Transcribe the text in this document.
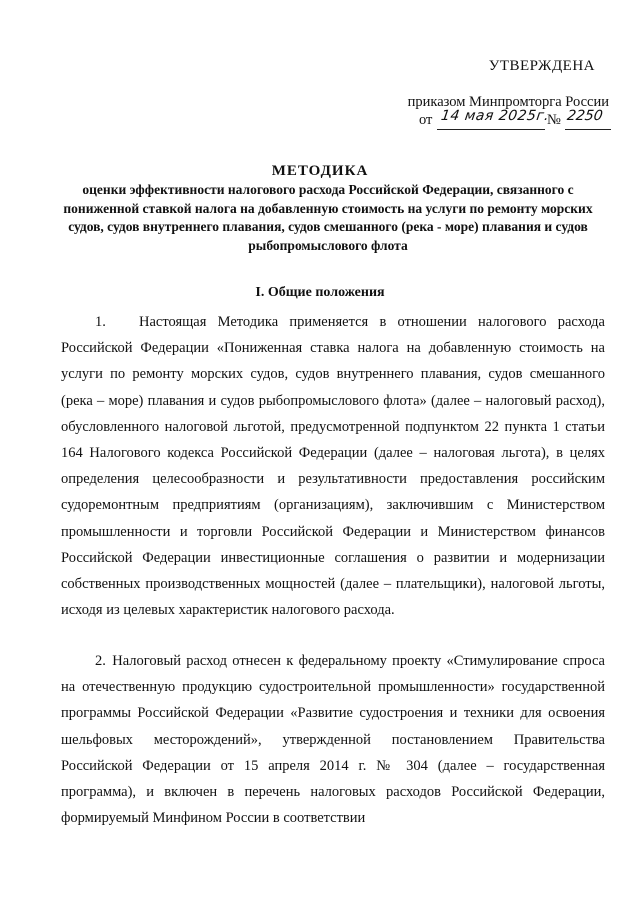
УТВЕРЖДЕНА
приказом Минпромторга России
от 14 мая 2025г.
№ 2250
МЕТОДИКА
оценки эффективности налогового расхода Российской Федерации, связанного с пониженной ставкой налога на добавленную стоимость на услуги по ремонту морских судов, судов внутреннего плавания, судов смешанного (река - море) плавания и судов рыбопромыслового флота
I. Общие положения
1. Настоящая Методика применяется в отношении налогового расхода Российской Федерации «Пониженная ставка налога на добавленную стоимость на услуги по ремонту морских судов, судов внутреннего плавания, судов смешанного (река – море) плавания и судов рыбопромыслового флота» (далее – налоговый расход), обусловленного налоговой льготой, предусмотренной подпунктом 22 пункта 1 статьи 164 Налогового кодекса Российской Федерации (далее – налоговая льгота), в целях определения целесообразности и результативности предоставления российским судоремонтным предприятиям (организациям), заключившим с Министерством промышленности и торговли Российской Федерации и Министерством финансов Российской Федерации инвестиционные соглашения о развитии и модернизации собственных производственных мощностей (далее – плательщики), налоговой льготы, исходя из целевых характеристик налогового расхода.
2. Налоговый расход отнесен к федеральному проекту «Стимулирование спроса на отечественную продукцию судостроительной промышленности» государственной программы Российской Федерации «Развитие судостроения и техники для освоения шельфовых месторождений», утвержденной постановлением Правительства Российской Федерации от 15 апреля 2014 г. № 304 (далее – государственная программа), и включен в перечень налоговых расходов Российской Федерации, формируемый Минфином России в соответствии
